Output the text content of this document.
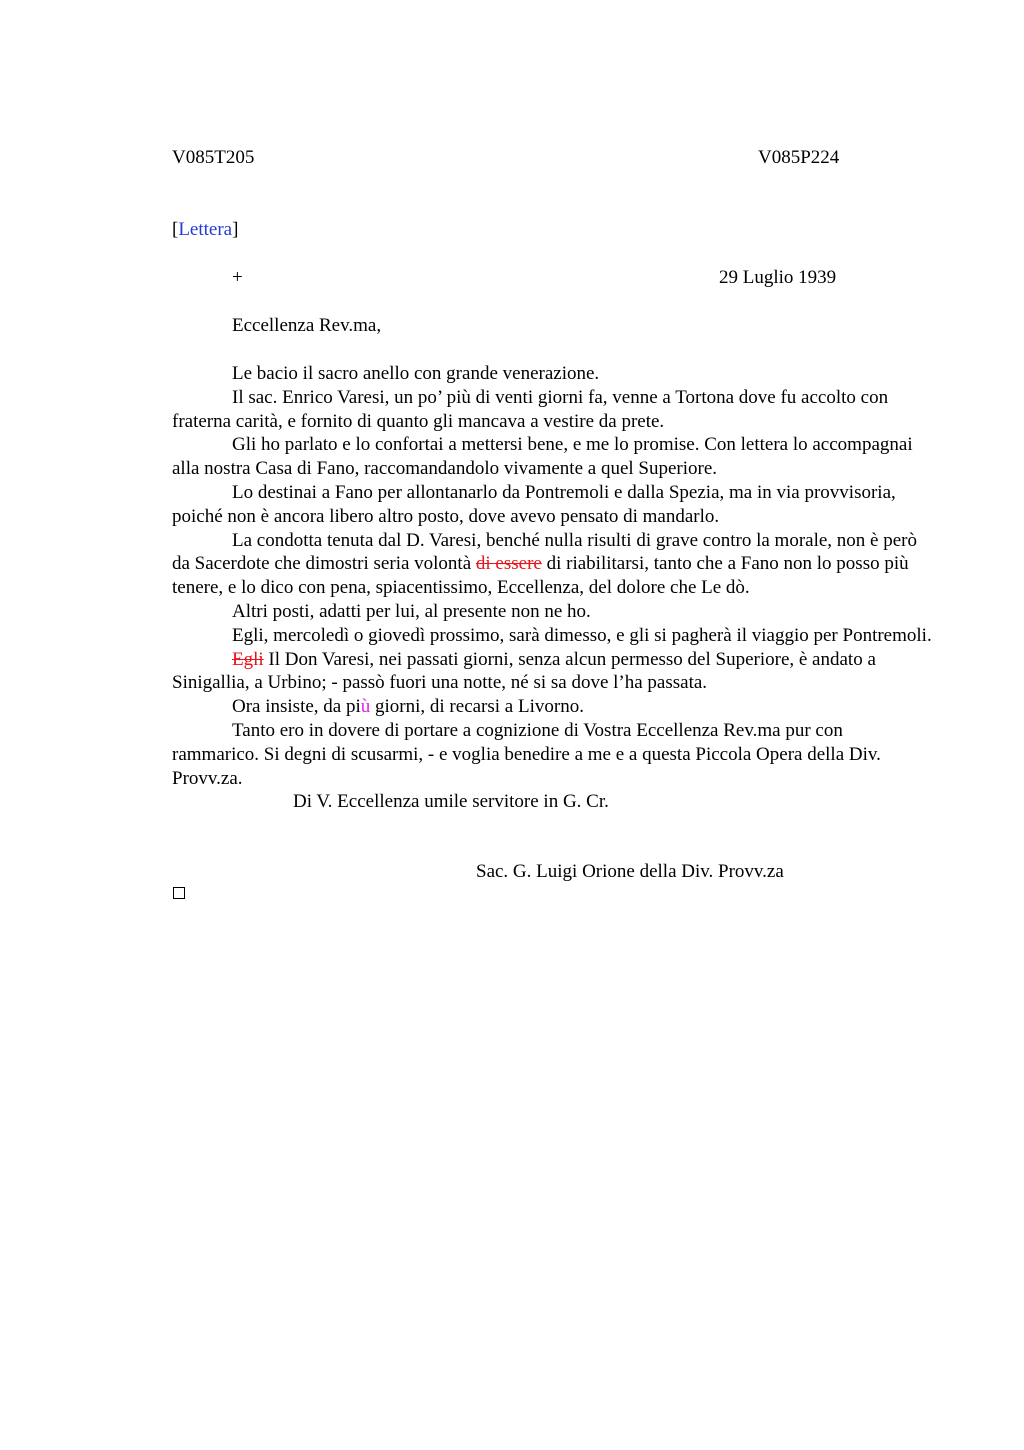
V085T205	V085P224
[Lettera]
+	29 Luglio 1939
Eccellenza Rev.ma,

Le bacio il sacro anello con grande venerazione.

Il sac. Enrico Varesi, un po’ più di venti giorni fa, venne a Tortona dove fu accolto con fraterna carità, e fornito di quanto gli mancava a vestire da prete.

Gli ho parlato e lo confortai a mettersi bene, e me lo promise. Con lettera lo accompagnai alla nostra Casa di Fano, raccomandandolo vivamente a quel Superiore.

Lo destinai a Fano per allontanarlo da Pontremoli e dalla Spezia, ma in via provvisoria, poiché non è ancora libero altro posto, dove avevo pensato di mandarlo.

La condotta tenuta dal D. Varesi, benché nulla risulti di grave contro la morale, non è però da Sacerdote che dimostri seria volontà di essere di riabilitarsi, tanto che a Fano non lo posso più tenere, e lo dico con pena, spiacentissimo, Eccellenza, del dolore che Le dò.

Altri posti, adatti per lui, al presente non ne ho.

Egli, mercoledì o giovedì prossimo, sarà dimesso, e gli si pagherà il viaggio per Pontremoli.

Egli Il Don Varesi, nei passati giorni, senza alcun permesso del Superiore, è andato a Sinigallia, a Urbino; - passò fuori una notte, né si sa dove l’ha passata.

Ora insiste, da più giorni, di recarsi a Livorno.

Tanto ero in dovere di portare a cognizione di Vostra Eccellenza Rev.ma pur con rammarico. Si degni di scusarmi, - e voglia benedire a me e a questa Piccola Opera della Div. Provv.za.

Di V. Eccellenza umile servitore in G. Cr.

Sac. G. Luigi Orione della Div. Provv.za
